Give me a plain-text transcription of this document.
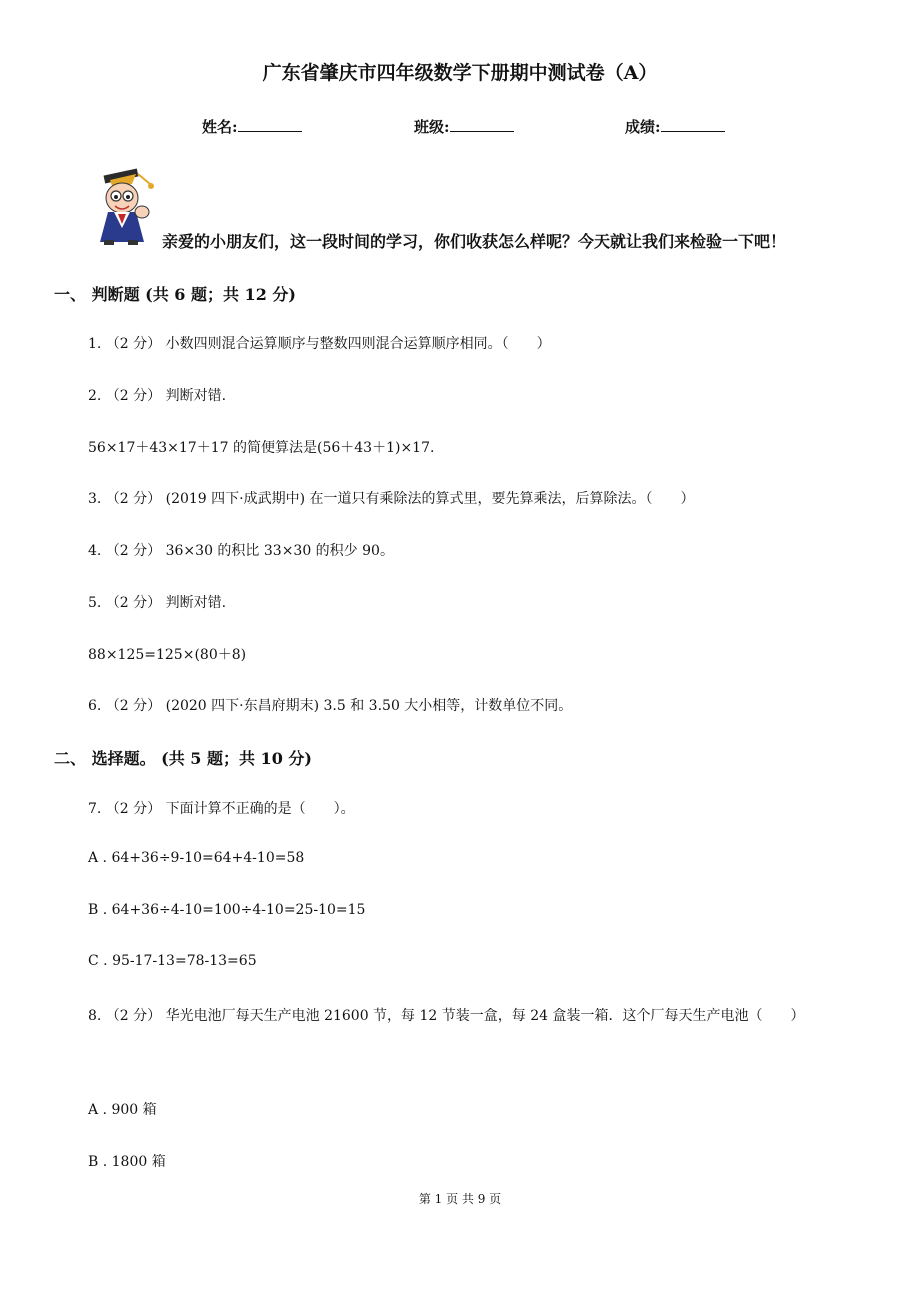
广东省肇庆市四年级数学下册期中测试卷（A）
姓名:	班级:	成绩:
亲爱的小朋友们，这一段时间的学习，你们收获怎么样呢？今天就让我们来检验一下吧！
一、 判断题 (共 6 题；共 12 分)
1. （2 分） 小数四则混合运算顺序与整数四则混合运算顺序相同。（　　）
2. （2 分） 判断对错.
56×17＋43×17＋17 的简便算法是(56＋43＋1)×17.
3. （2 分） (2019 四下·成武期中) 在一道只有乘除法的算式里，要先算乘法，后算除法。（　　）
4. （2 分） 36×30 的积比 33×30 的积少 90。
5. （2 分） 判断对错.
88×125=125×(80＋8)
6. （2 分） (2020 四下·东昌府期末) 3.5 和 3.50 大小相等，计数单位不同。
二、 选择题。 (共 5 题；共 10 分)
7. （2 分） 下面计算不正确的是（　　）。
A . 64+36÷9-10=64+4-10=58
B . 64+36÷4-10=100÷4-10=25-10=15
C . 95-17-13=78-13=65
8. （2 分） 华光电池厂每天生产电池 21600 节，每 12 节装一盒，每 24 盒装一箱．这个厂每天生产电池（　　）
A . 900 箱
B . 1800 箱
第 1 页 共 9 页
